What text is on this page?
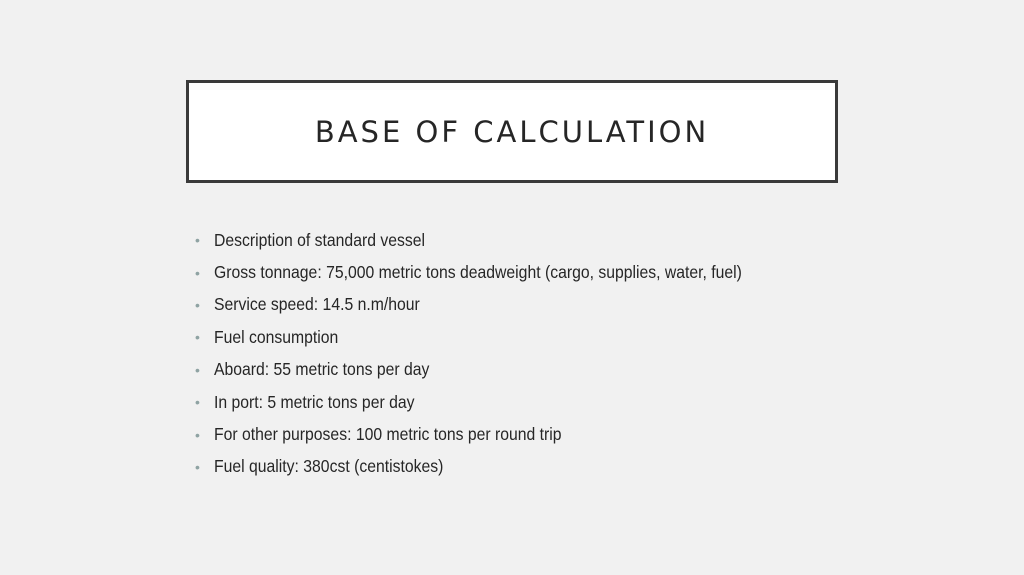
BASE OF CALCULATION
• Description of standard vessel
• Gross tonnage: 75,000 metric tons deadweight (cargo, supplies, water, fuel)
• Service speed: 14.5 n.m/hour
• Fuel consumption
• Aboard: 55 metric tons per day
• In port: 5 metric tons per day
• For other purposes: 100 metric tons per round trip
• Fuel quality: 380cst (centistokes)
